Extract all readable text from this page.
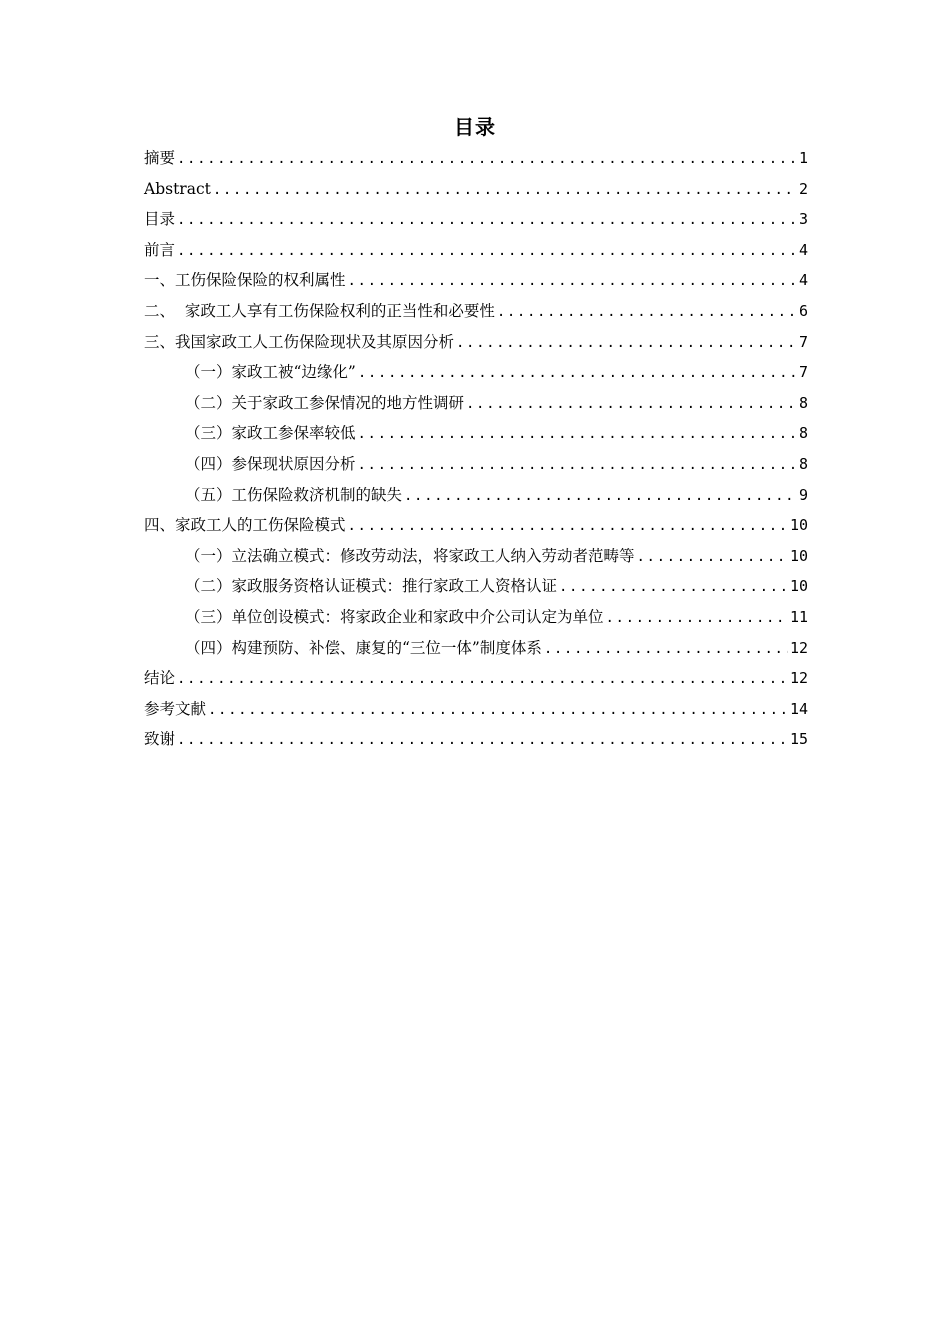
目录
摘要 .....	1
Abstract .....	2
目录 .....	3
前言 .....	4
一、工伤保险保险的权利属性 .....	4
二、  家政工人享有工伤保险权利的正当性和必要性 .....	6
三、我国家政工人工伤保险现状及其原因分析 .....	7
（一）家政工被“边缘化” .....	7
（二）关于家政工参保情况的地方性调研 .....	8
（三）家政工参保率较低 .....	8
（四）参保现状原因分析 .....	8
（五）工伤保险救济机制的缺失 .....	9
四、家政工人的工伤保险模式 .....	10
（一）立法确立模式：修改劳动法，将家政工人纳入劳动者范畴等 .....	10
（二）家政服务资格认证模式：推行家政工人资格认证 .....	10
（三）单位创设模式：将家政企业和家政中介公司认定为单位 .....	11
（四）构建预防、补偿、康复的“三位一体”制度体系 .....	12
结论 .....	12
参考文献 .....	14
致谢 .....	15
